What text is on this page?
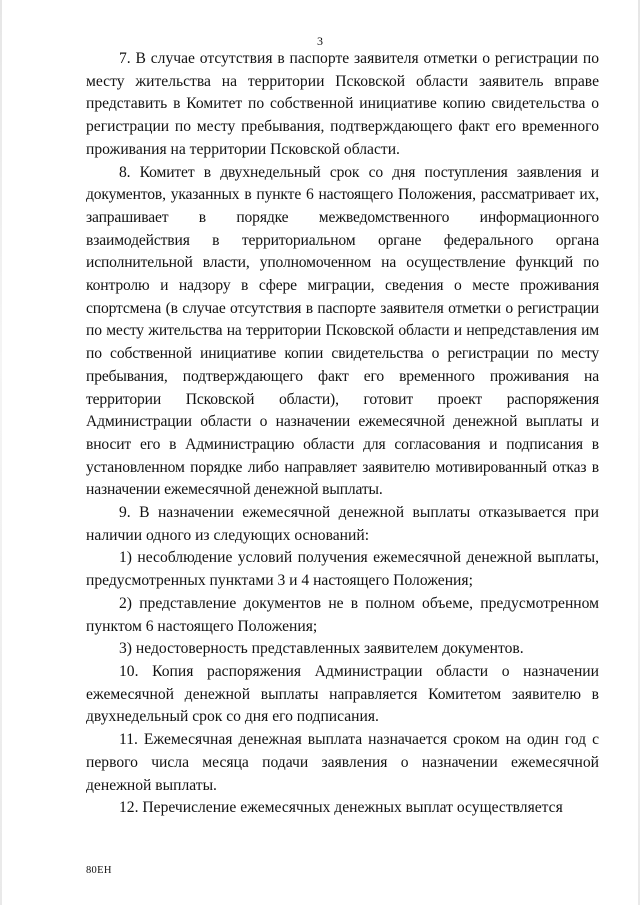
3

7. В случае отсутствия в паспорте заявителя отметки о регистрации по месту жительства на территории Псковской области заявитель вправе представить в Комитет по собственной инициативе копию свидетельства о регистрации по месту пребывания, подтверждающего факт его временного проживания на территории Псковской области.

8. Комитет в двухнедельный срок со дня поступления заявления и документов, указанных в пункте 6 настоящего Положения, рассматривает их, запрашивает в порядке межведомственного информационного взаимодействия в территориальном органе федерального органа исполнительной власти, уполномоченном на осуществление функций по контролю и надзору в сфере миграции, сведения о месте проживания спортсмена (в случае отсутствия в паспорте заявителя отметки о регистрации по месту жительства на территории Псковской области и непредставления им по собственной инициативе копии свидетельства о регистрации по месту пребывания, подтверждающего факт его временного проживания на территории Псковской области), готовит проект распоряжения Администрации области о назначении ежемесячной денежной выплаты и вносит его в Администрацию области для согласования и подписания в установленном порядке либо направляет заявителю мотивированный отказ в назначении ежемесячной денежной выплаты.

9. В назначении ежемесячной денежной выплаты отказывается при наличии одного из следующих оснований:

1) несоблюдение условий получения ежемесячной денежной выплаты, предусмотренных пунктами 3 и 4 настоящего Положения;

2) представление документов не в полном объеме, предусмотренном пунктом 6 настоящего Положения;

3) недостоверность представленных заявителем документов.

10. Копия распоряжения Администрации области о назначении ежемесячной денежной выплаты направляется Комитетом заявителю в двухнедельный срок со дня его подписания.

11. Ежемесячная денежная выплата назначается сроком на один год с первого числа месяца подачи заявления о назначении ежемесячной денежной выплаты.

12. Перечисление ежемесячных денежных выплат осуществляется

80ЕН
